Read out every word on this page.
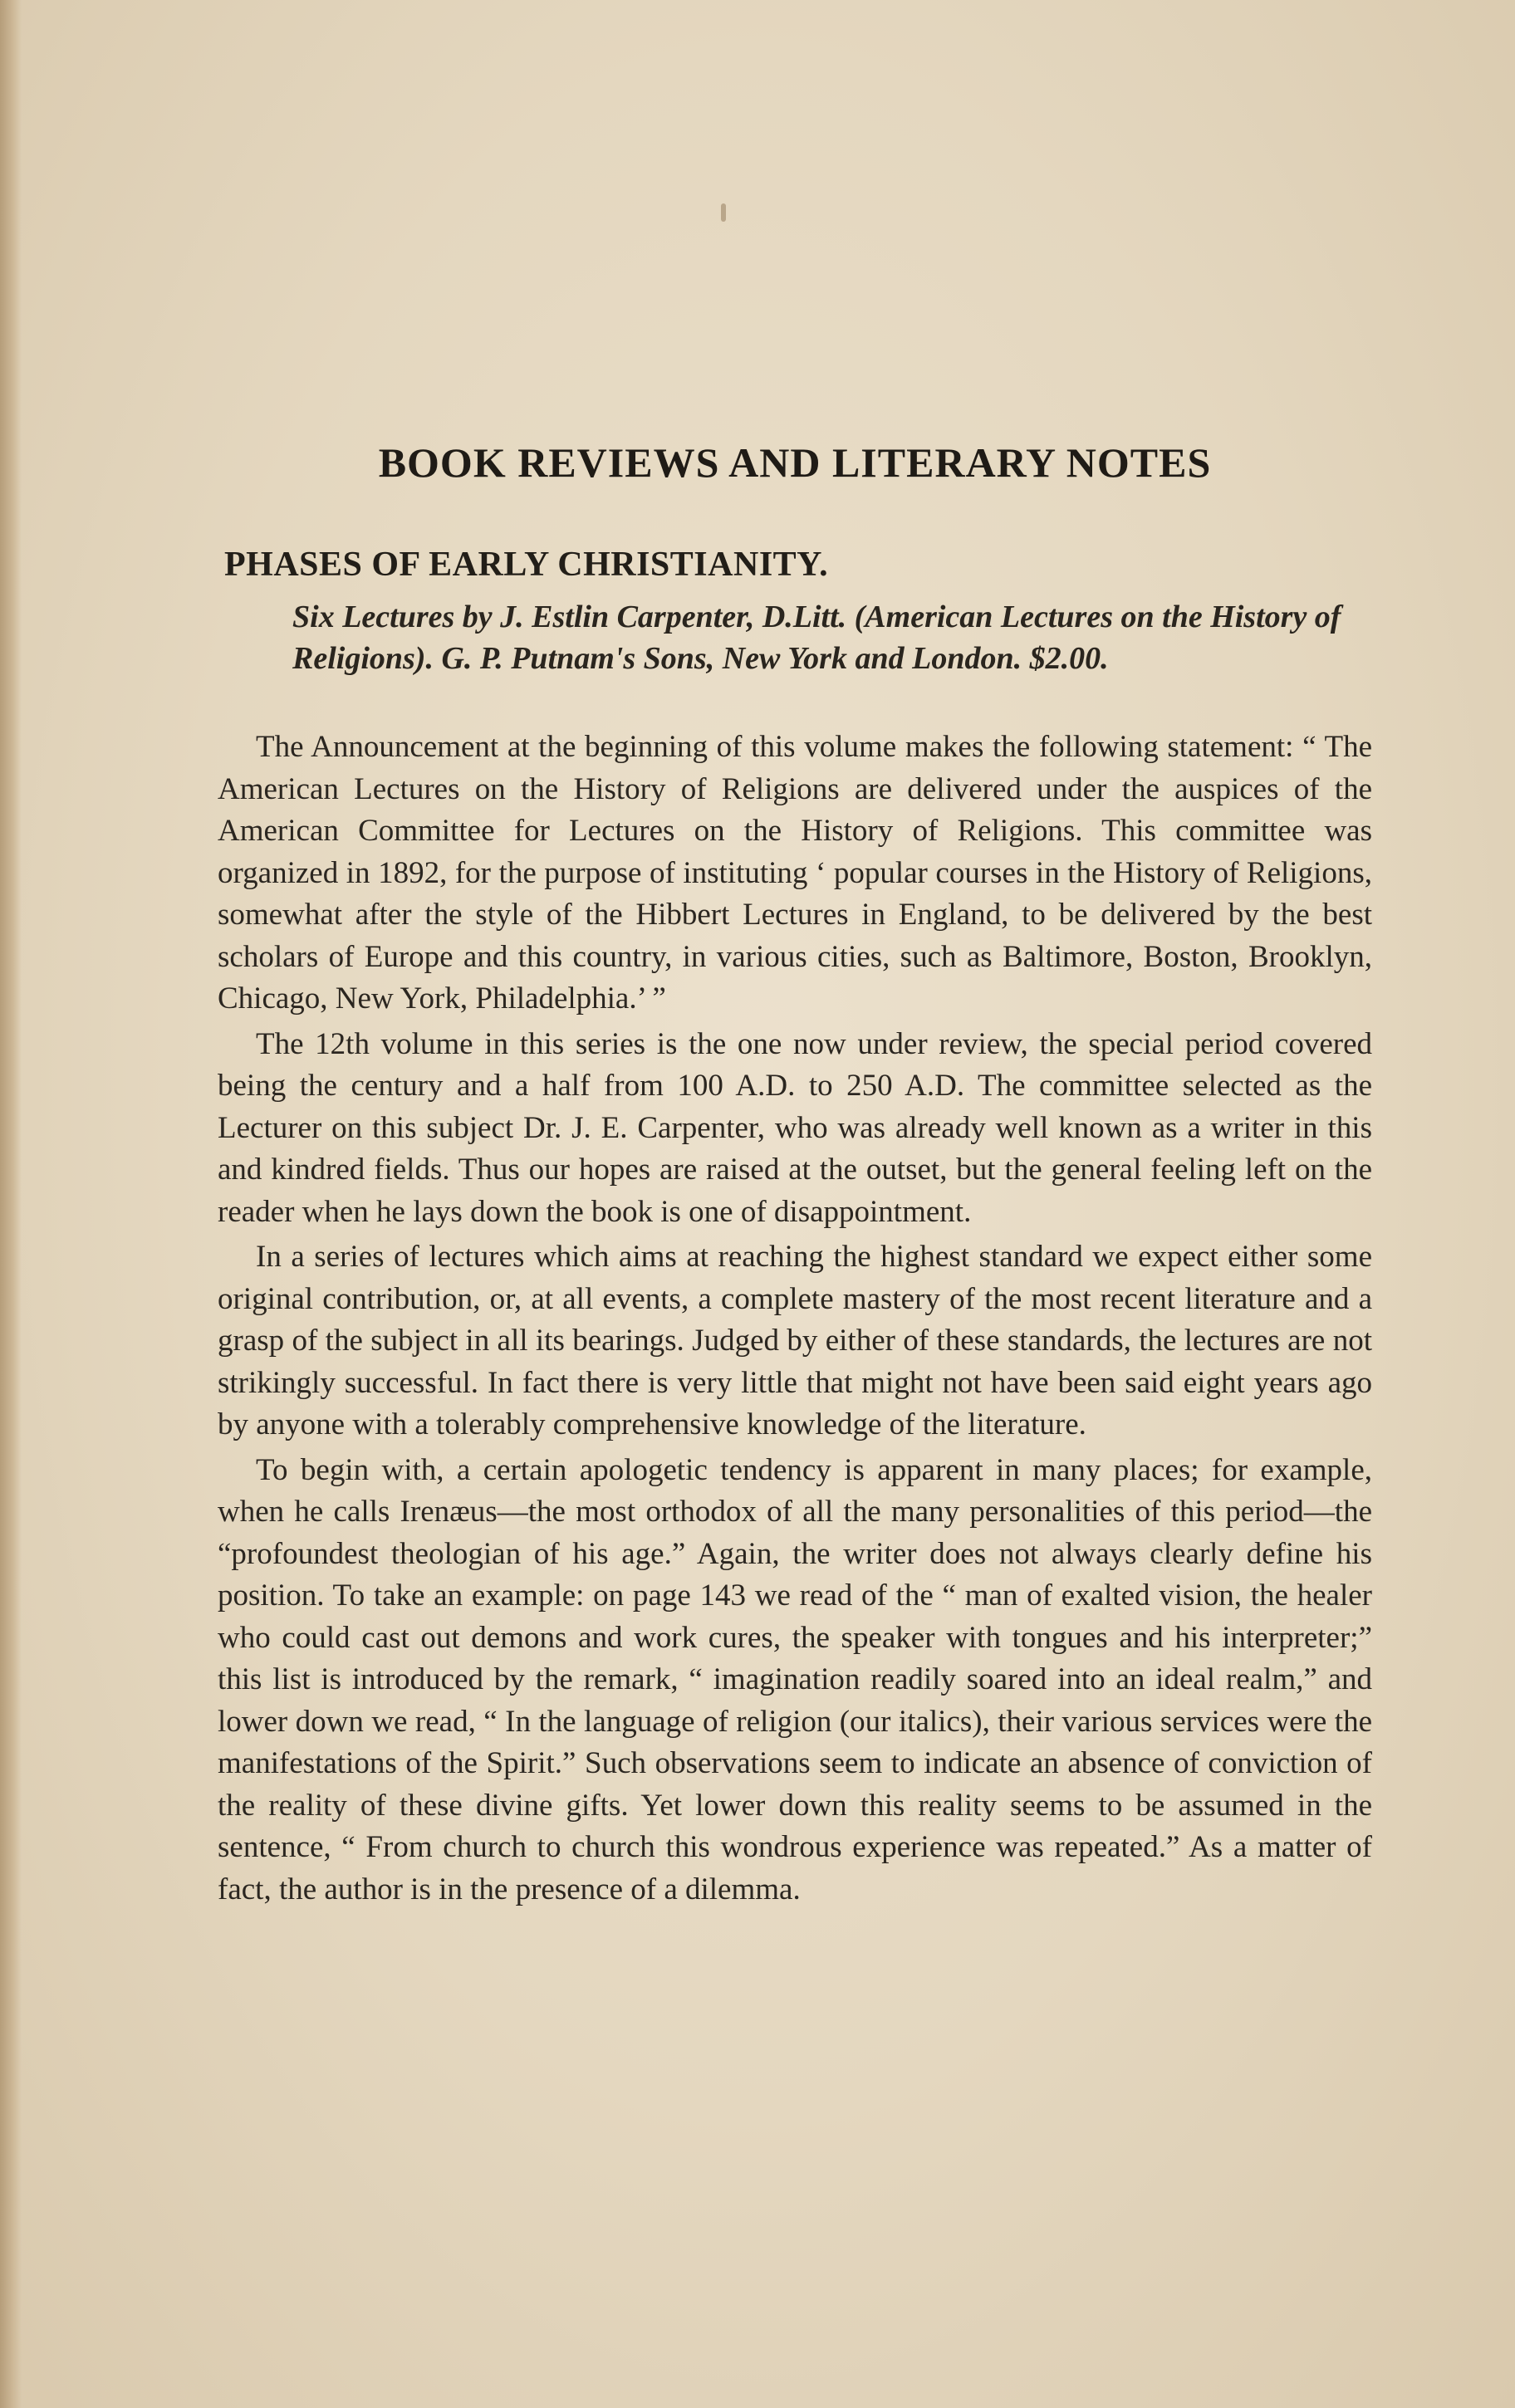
BOOK REVIEWS AND LITERARY NOTES
PHASES OF EARLY CHRISTIANITY.

Six Lectures by J. Estlin Carpenter, D.Litt. (American Lectures on the History of Religions). G. P. Putnam's Sons, New York and London. $2.00.

The Announcement at the beginning of this volume makes the following statement: “ The American Lectures on the History of Religions are delivered under the auspices of the American Committee for Lectures on the History of Religions. This committee was organized in 1892, for the purpose of instituting ‘ popular courses in the History of Religions, somewhat after the style of the Hibbert Lectures in England, to be delivered by the best scholars of Europe and this country, in various cities, such as Baltimore, Boston, Brooklyn, Chicago, New York, Philadelphia.’ ”

The 12th volume in this series is the one now under review, the special period covered being the century and a half from 100 A.D. to 250 A.D. The committee selected as the Lecturer on this subject Dr. J. E. Carpenter, who was already well known as a writer in this and kindred fields. Thus our hopes are raised at the outset, but the general feeling left on the reader when he lays down the book is one of disappointment.

In a series of lectures which aims at reaching the highest standard we expect either some original contribution, or, at all events, a complete mastery of the most recent literature and a grasp of the subject in all its bearings. Judged by either of these standards, the lectures are not strikingly successful. In fact there is very little that might not have been said eight years ago by anyone with a tolerably comprehensive knowledge of the literature.

To begin with, a certain apologetic tendency is apparent in many places; for example, when he calls Irenæus—the most orthodox of all the many personalities of this period—the “profoundest theologian of his age.” Again, the writer does not always clearly define his position. To take an example: on page 143 we read of the “ man of exalted vision, the healer who could cast out demons and work cures, the speaker with tongues and his interpreter;” this list is introduced by the remark, “ imagination readily soared into an ideal realm,” and lower down we read, “ In the language of religion (our italics), their various services were the manifestations of the Spirit.” Such observations seem to indicate an absence of conviction of the reality of these divine gifts. Yet lower down this reality seems to be assumed in the sentence, “ From church to church this wondrous experience was repeated.” As a matter of fact, the author is in the presence of a dilemma.
